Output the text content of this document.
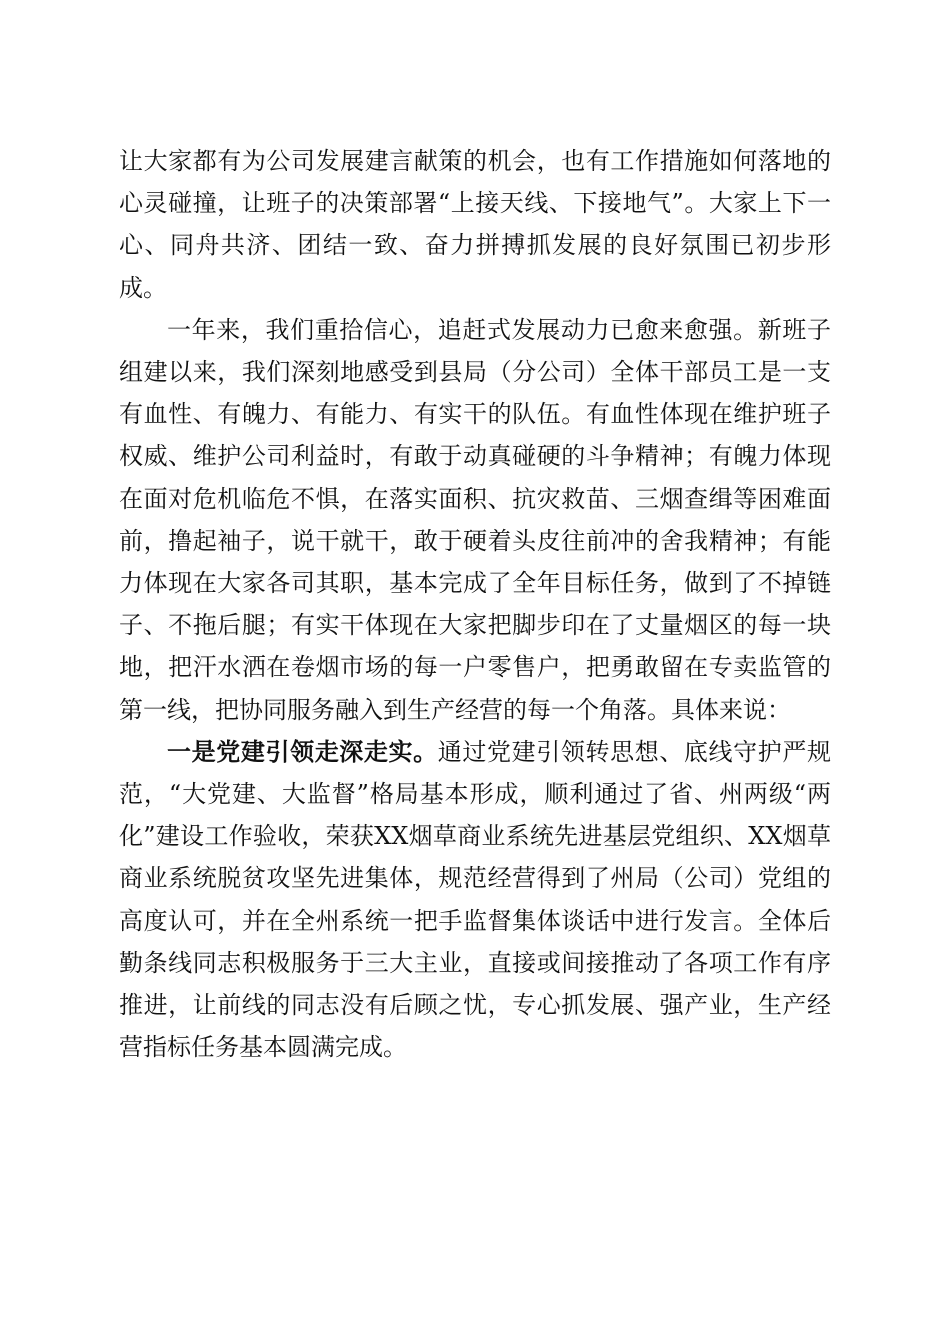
让大家都有为公司发展建言献策的机会，也有工作措施如何落地的心灵碰撞，让班子的决策部署“上接天线、下接地气”。大家上下一心、同舟共济、团结一致、奋力拼搏抓发展的良好氛围已初步形成。

一年来，我们重拾信心，追赶式发展动力已愈来愈强。新班子组建以来，我们深刻地感受到县局（分公司）全体干部员工是一支有血性、有魄力、有能力、有实干的队伍。有血性体现在维护班子权威、维护公司利益时，有敢于动真碰硬的斗争精神；有魄力体现在面对危机临危不惧，在落实面积、抗灾救苗、三烟查缉等困难面前，撸起袖子，说干就干，敢于硬着头皮往前冲的舍我精神；有能力体现在大家各司其职，基本完成了全年目标任务，做到了不掉链子、不拖后腿；有实干体现在大家把脚步印在了丈量烟区的每一块地，把汗水洒在卷烟市场的每一户零售户，把勇敢留在专卖监管的第一线，把协同服务融入到生产经营的每一个角落。具体来说：

一是党建引领走深走实。通过党建引领转思想、底线守护严规范，“大党建、大监督”格局基本形成，顺利通过了省、州两级“两化”建设工作验收，荣获XX烟草商业系统先进基层党组织、XX烟草商业系统脱贫攻坚先进集体，规范经营得到了州局（公司）党组的高度认可，并在全州系统一把手监督集体谈话中进行发言。全体后勤条线同志积极服务于三大主业，直接或间接推动了各项工作有序推进，让前线的同志没有后顾之忧，专心抓发展、强产业，生产经营指标任务基本圆满完成。
